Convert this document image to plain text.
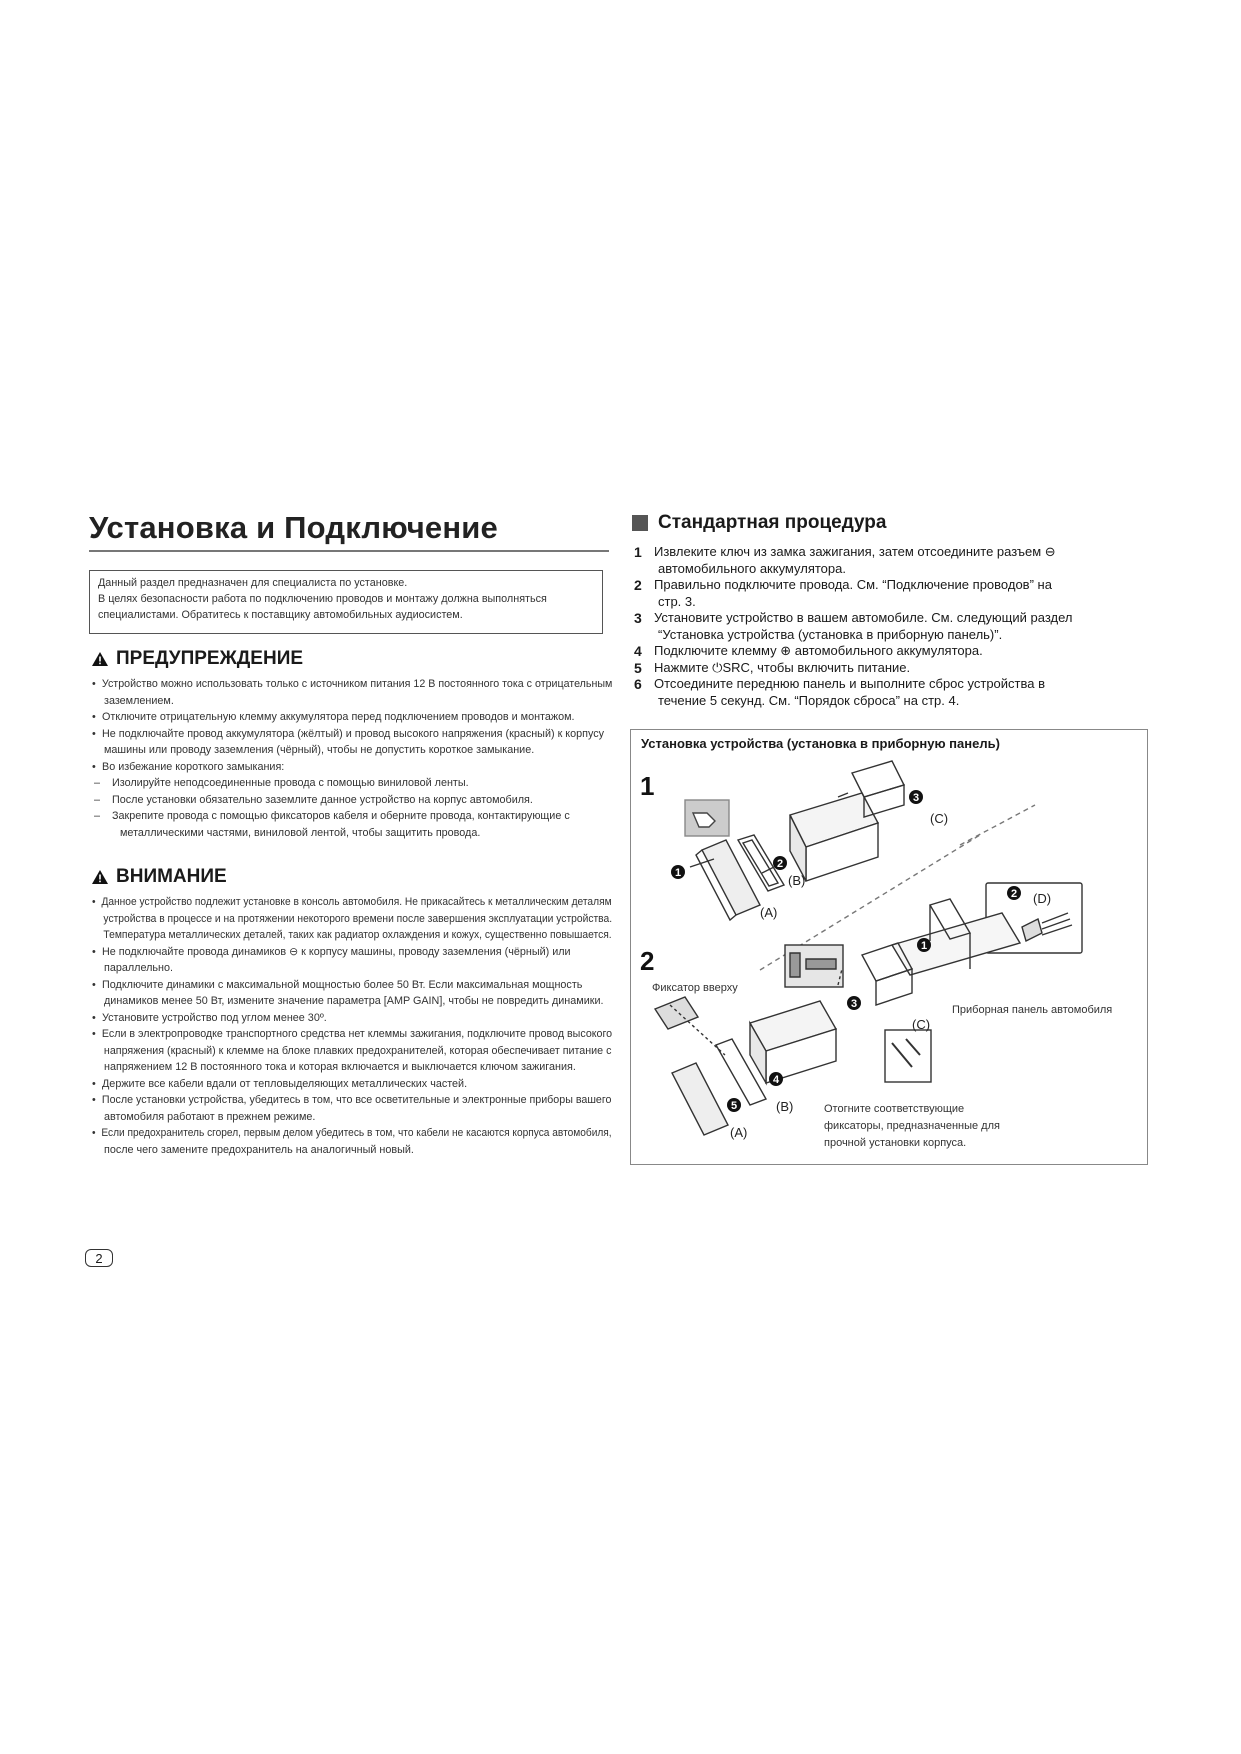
Установка и Подключение
Данный раздел предназначен для специалиста по установке.
В целях безопасности работа по подключению проводов и монтажу должна выполняться
специалистами. Обратитесь к поставщику автомобильных аудиосистем.
ПРЕДУПРЕЖДЕНИЕ
• Устройство можно использовать только с источником питания 12 В постоянного тока с отрицательным
заземлением.
• Отключите отрицательную клемму аккумулятора перед подключением проводов и монтажом.
• Не подключайте провод аккумулятора (жёлтый) и провод высокого напряжения (красный) к корпусу
машины или проводу заземления (чёрный), чтобы не допустить короткое замыкание.
• Во избежание короткого замыкания:
– Изолируйте неподсоединенные провода с помощью виниловой ленты.
– После установки обязательно заземлите данное устройство на корпус автомобиля.
– Закрепите провода с помощью фиксаторов кабеля и оберните провода, контактирующие с
металлическими частями, виниловой лентой, чтобы защитить провода.
ВНИМАНИЕ
• Данное устройство подлежит установке в консоль автомобиля. Не прикасайтесь к металлическим деталям
устройства в процессе и на протяжении некоторого времени после завершения эксплуатации устройства.
Температура металлических деталей, таких как радиатор охлаждения и кожух, существенно повышается.
• Не подключайте провода динамиков ⊖ к корпусу машины, проводу заземления (чёрный) или
параллельно.
• Подключите динамики с максимальной мощностью более 50 Вт. Если максимальная мощность
динамиков менее 50 Вт, измените значение параметра [AMP GAIN], чтобы не повредить динамики.
• Установите устройство под углом менее 30º.
• Если в электропроводке транспортного средства нет клеммы зажигания, подключите провод высокого
напряжения (красный) к клемме на блоке плавких предохранителей, которая обеспечивает питание с
напряжением 12 В постоянного тока и которая включается и выключается ключом зажигания.
• Держите все кабели вдали от тепловыделяющих металлических частей.
• После установки устройства, убедитесь в том, что все осветительные и электронные приборы вашего
автомобиля работают в прежнем режиме.
• Если предохранитель сгорел, первым делом убедитесь в том, что кабели не касаются корпуса автомобиля,
после чего замените предохранитель на аналогичный новый.
Стандартная процедура
1 Извлеките ключ из замка зажигания, затем отсоедините разъем ⊖
автомобильного аккумулятора.
2 Правильно подключите провода. См. “Подключение проводов” на
стр. 3.
3 Установите устройство в вашем автомобиле. См. следующий раздел
“Установка устройства (установка в приборную панель)”.
4 Подключите клемму ⊕ автомобильного аккумулятора.
5 Нажмите ⏻SRC, чтобы включить питание.
6 Отсоедините переднюю панель и выполните сброс устройства в
течение 5 секунд. См. “Порядок сброса” на стр. 4.
Установка устройства (установка в приборную панель)
1
2
1
2
3
2
1
3
4
5
(A)
(B)
(C)
(D)
(A)
(B)
(C)
Фиксатор вверху
Приборная панель автомобиля
Отогните соответствующие
фиксаторы, предназначенные для
прочной установки корпуса.
2
